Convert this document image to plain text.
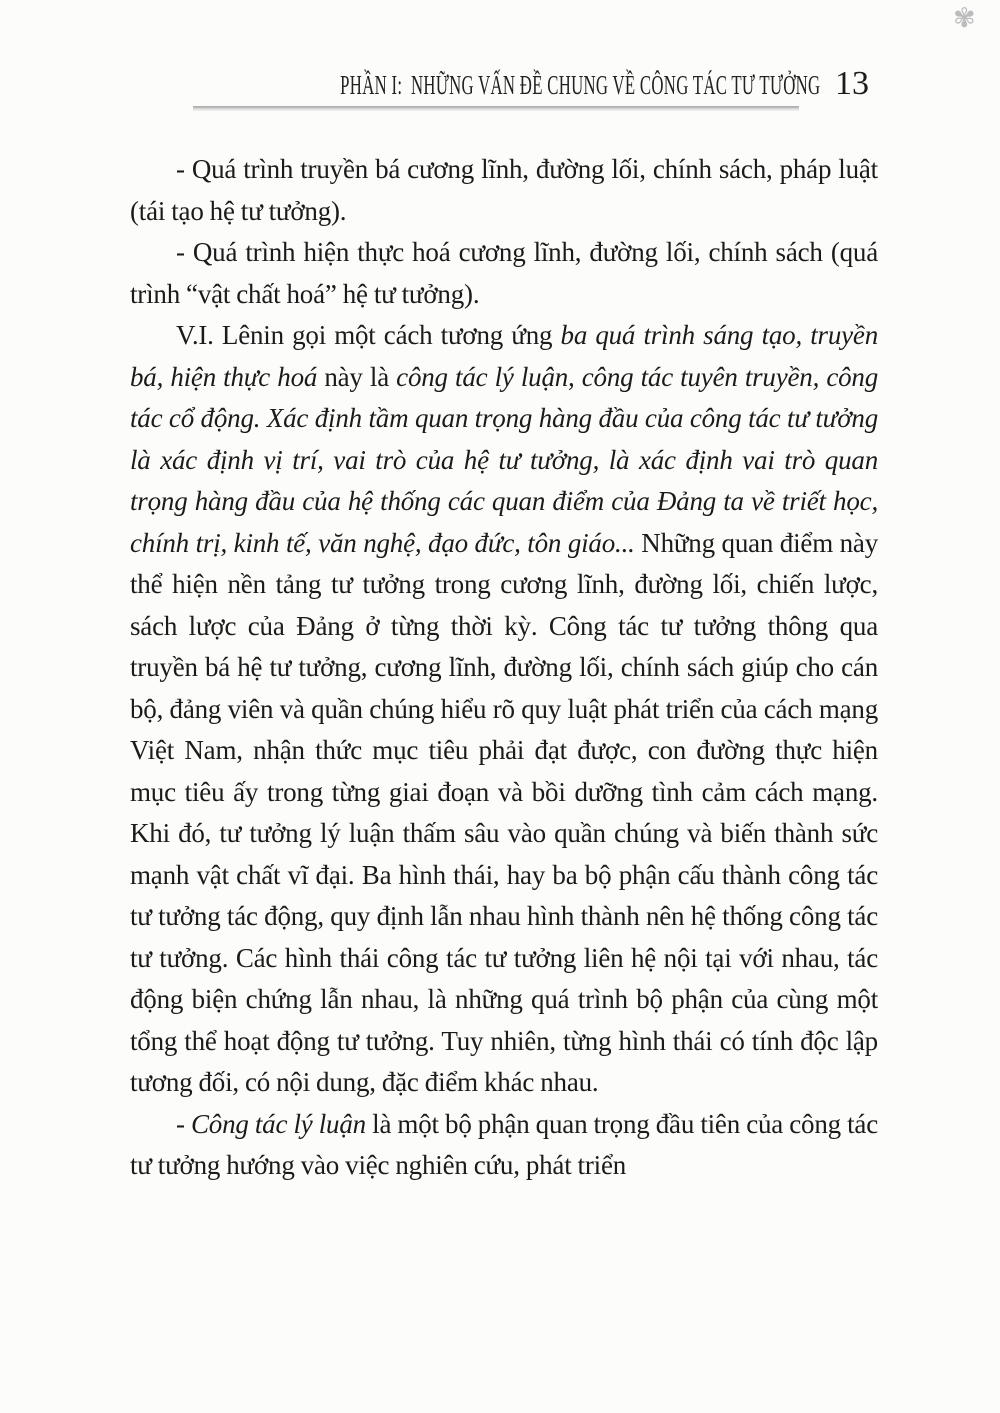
✾
PHẦN I: NHỮNG VẤN ĐỀ CHUNG VỀ CÔNG TÁC TƯ TƯỞNG 13

- Quá trình truyền bá cương lĩnh, đường lối, chính sách, pháp luật (tái tạo hệ tư tưởng).

- Quá trình hiện thực hoá cương lĩnh, đường lối, chính sách (quá trình “vật chất hoá” hệ tư tưởng).

V.I. Lênin gọi một cách tương ứng ba quá trình sáng tạo, truyền bá, hiện thực hoá này là công tác lý luận, công tác tuyên truyền, công tác cổ động. Xác định tầm quan trọng hàng đầu của công tác tư tưởng là xác định vị trí, vai trò của hệ tư tưởng, là xác định vai trò quan trọng hàng đầu của hệ thống các quan điểm của Đảng ta về triết học, chính trị, kinh tế, văn nghệ, đạo đức, tôn giáo... Những quan điểm này thể hiện nền tảng tư tưởng trong cương lĩnh, đường lối, chiến lược, sách lược của Đảng ở từng thời kỳ. Công tác tư tưởng thông qua truyền bá hệ tư tưởng, cương lĩnh, đường lối, chính sách giúp cho cán bộ, đảng viên và quần chúng hiểu rõ quy luật phát triển của cách mạng Việt Nam, nhận thức mục tiêu phải đạt được, con đường thực hiện mục tiêu ấy trong từng giai đoạn và bồi dưỡng tình cảm cách mạng. Khi đó, tư tưởng lý luận thấm sâu vào quần chúng và biến thành sức mạnh vật chất vĩ đại. Ba hình thái, hay ba bộ phận cấu thành công tác tư tưởng tác động, quy định lẫn nhau hình thành nên hệ thống công tác tư tưởng. Các hình thái công tác tư tưởng liên hệ nội tại với nhau, tác động biện chứng lẫn nhau, là những quá trình bộ phận của cùng một tổng thể hoạt động tư tưởng. Tuy nhiên, từng hình thái có tính độc lập tương đối, có nội dung, đặc điểm khác nhau.

- Công tác lý luận là một bộ phận quan trọng đầu tiên của công tác tư tưởng hướng vào việc nghiên cứu, phát triển
